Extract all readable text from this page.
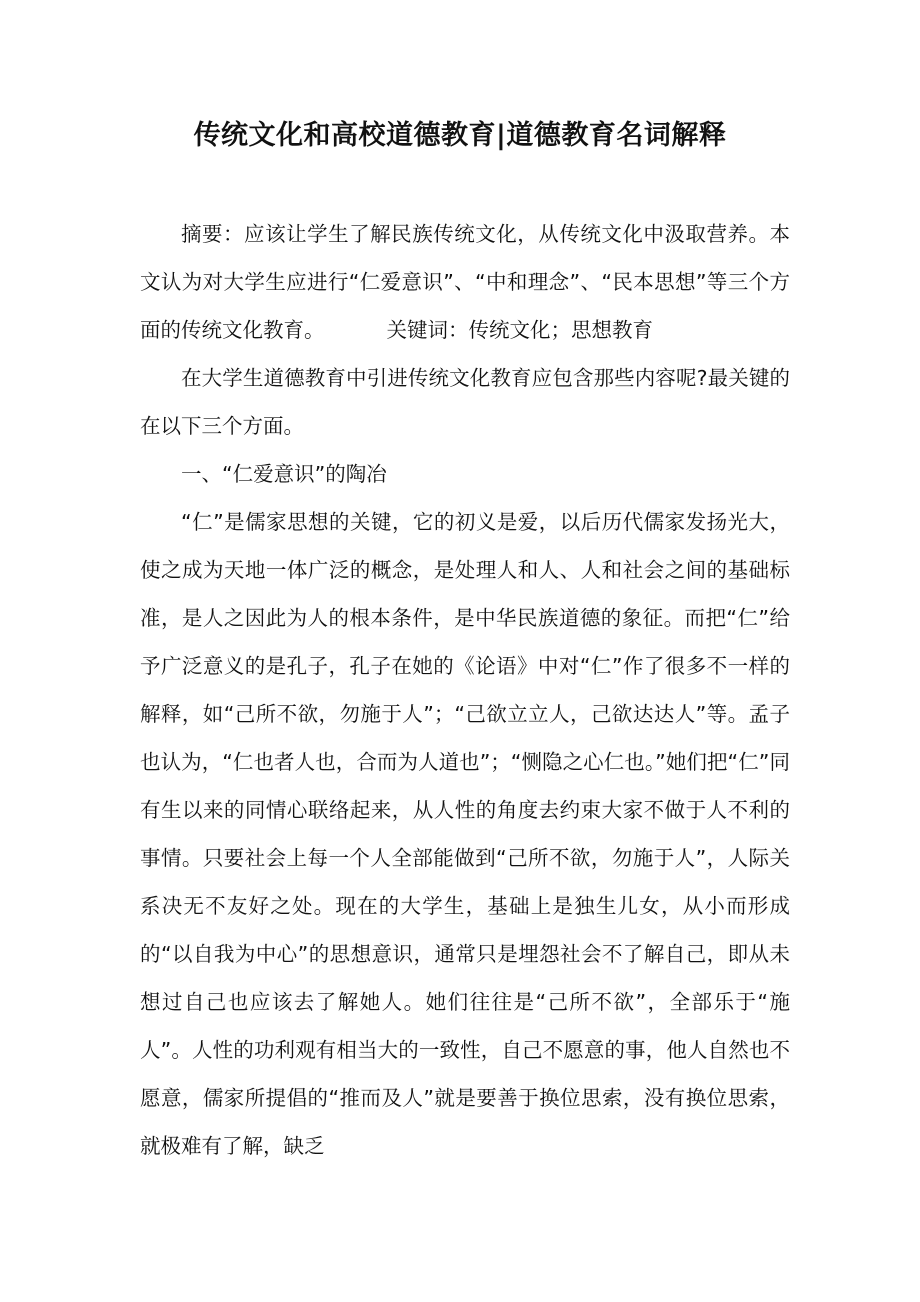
传统文化和高校道德教育|道德教育名词解释

摘要：应该让学生了解民族传统文化，从传统文化中汲取营养。本文认为对大学生应进行“仁爱意识”、“中和理念”、“民本思想”等三个方面的传统文化教育。	关键词：传统文化；思想教育

在大学生道德教育中引进传统文化教育应包含那些内容呢?最关键的在以下三个方面。

一、“仁爱意识”的陶冶

“仁”是儒家思想的关键，它的初义是爱，以后历代儒家发扬光大，使之成为天地一体广泛的概念，是处理人和人、人和社会之间的基础标准，是人之因此为人的根本条件，是中华民族道德的象征。而把“仁”给予广泛意义的是孔子，孔子在她的《论语》中对“仁”作了很多不一样的解释，如“己所不欲，勿施于人”；“己欲立立人，己欲达达人”等。孟子也认为，“仁也者人也，合而为人道也”；“恻隐之心仁也。”她们把“仁”同有生以来的同情心联络起来，从人性的角度去约束大家不做于人不利的事情。只要社会上每一个人全部能做到“己所不欲，勿施于人”，人际关系决无不友好之处。现在的大学生，基础上是独生儿女，从小而形成的“以自我为中心”的思想意识，通常只是埋怨社会不了解自己，即从未想过自己也应该去了解她人。她们往往是“己所不欲”，全部乐于“施人”。人性的功利观有相当大的一致性，自己不愿意的事，他人自然也不愿意，儒家所提倡的“推而及人”就是要善于换位思索，没有换位思索，就极难有了解，缺乏
